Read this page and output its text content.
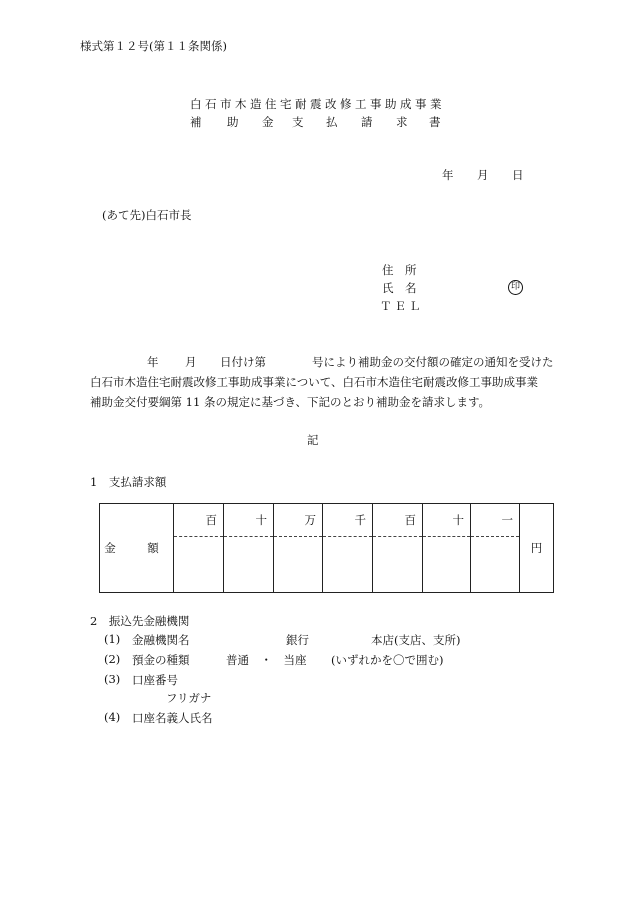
様式第１２号(第１１条関係)
白石市木造住宅耐震改修工事助成事業
補 助 金 支 払 請 求 書
年 月 日
(あて先)白石市長
住　所
氏　名	印
ＴＥＬ
年 月 日付け第	号により補助金の交付額の確定の通知を受けた
白石市木造住宅耐震改修工事助成事業について、白石市木造住宅耐震改修工事助成事業
補助金交付要綱第 11 条の規定に基づき、下記のとおり補助金を請求します。
記
1　支払請求額
金　額	百	十	万	千	百	十	一	円

2　振込先金融機関
(1) 金融機関名	銀行	本店(支店、支所)
(2) 預金の種類	普通　・　当座 (いずれかを〇で囲む)
(3) 口座番号
フリガナ
(4) 口座名義人氏名
